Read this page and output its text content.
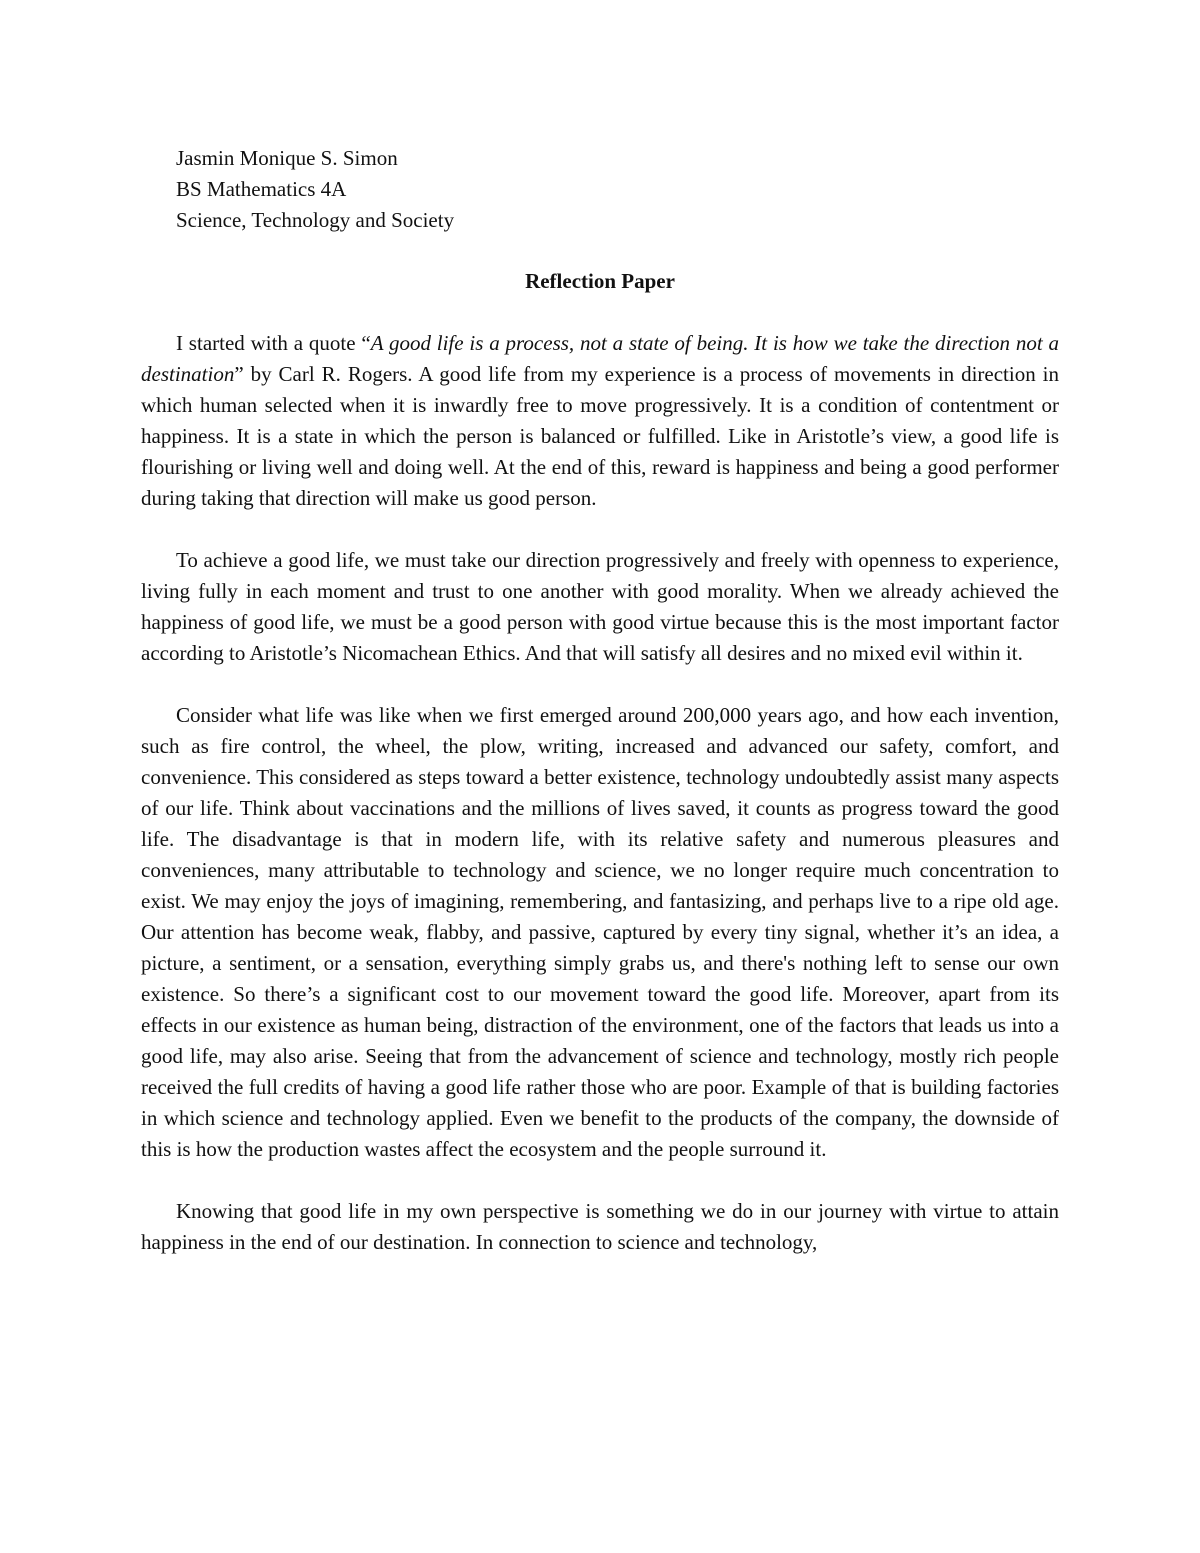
Jasmin Monique S. Simon
BS Mathematics 4A
Science, Technology and Society
Reflection Paper

I started with a quote “A good life is a process, not a state of being. It is how we take the direction not a destination” by Carl R. Rogers. A good life from my experience is a process of movements in direction in which human selected when it is inwardly free to move progressively. It is a condition of contentment or happiness. It is a state in which the person is balanced or fulfilled. Like in Aristotle’s view, a good life is flourishing or living well and doing well. At the end of this, reward is happiness and being a good performer during taking that direction will make us good person.

To achieve a good life, we must take our direction progressively and freely with openness to experience, living fully in each moment and trust to one another with good morality. When we already achieved the happiness of good life, we must be a good person with good virtue because this is the most important factor according to Aristotle’s Nicomachean Ethics. And that will satisfy all desires and no mixed evil within it.

Consider what life was like when we first emerged around 200,000 years ago, and how each invention, such as fire control, the wheel, the plow, writing, increased and advanced our safety, comfort, and convenience. This considered as steps toward a better existence, technology undoubtedly assist many aspects of our life. Think about vaccinations and the millions of lives saved, it counts as progress toward the good life. The disadvantage is that in modern life, with its relative safety and numerous pleasures and conveniences, many attributable to technology and science, we no longer require much concentration to exist. We may enjoy the joys of imagining, remembering, and fantasizing, and perhaps live to a ripe old age. Our attention has become weak, flabby, and passive, captured by every tiny signal, whether it’s an idea, a picture, a sentiment, or a sensation, everything simply grabs us, and there's nothing left to sense our own existence. So there’s a significant cost to our movement toward the good life. Moreover, apart from its effects in our existence as human being, distraction of the environment, one of the factors that leads us into a good life, may also arise. Seeing that from the advancement of science and technology, mostly rich people received the full credits of having a good life rather those who are poor. Example of that is building factories in which science and technology applied. Even we benefit to the products of the company, the downside of this is how the production wastes affect the ecosystem and the people surround it.

Knowing that good life in my own perspective is something we do in our journey with virtue to attain happiness in the end of our destination. In connection to science and technology,
